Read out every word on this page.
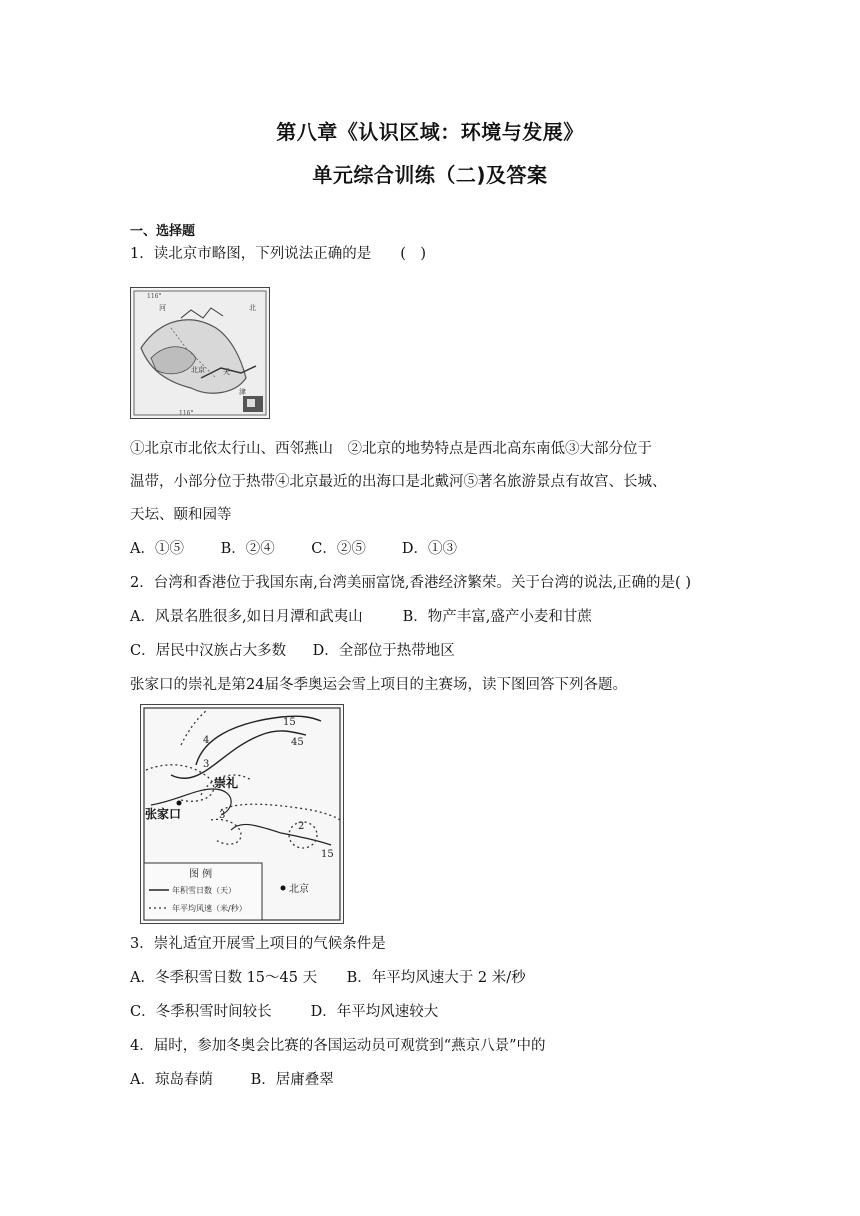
第八章《认识区域：环境与发展》
单元综合训练（二)及答案
一、选择题
1．读北京市略图，下列说法正确的是　　(　)
116°
116°
河	北
北京	天
津
①北京市北依太行山、西邻燕山　②北京的地势特点是西北高东南低③大部分位于
温带，小部分位于热带④北京最近的出海口是北戴河⑤著名旅游景点有故宫、长城、
天坛、颐和园等
A．①⑤	B．②④	C．②⑤ D．①③
2．台湾和香港位于我国东南,台湾美丽富饶,香港经济繁荣。关于台湾的说法,正确的是( )
A．风景名胜很多,如日月潭和武夷山	B．物产丰富,盛产小麦和甘蔗
C．居民中汉族占大多数 D．全部位于热带地区
张家口的崇礼是第24届冬季奥运会雪上项目的主赛场，读下图回答下列各题。
15
45
4
3
3
2
15
崇礼
张家口
图 例
年积雪日数（天）
年平均风速（米/秒）
北京
3．崇礼适宜开展雪上项目的气候条件是
A．冬季积雪日数 15～45 天 B．年平均风速大于 2 米/秒
C．冬季积雪时间较长	D．年平均风速较大
4．届时，参加冬奥会比赛的各国运动员可观赏到“燕京八景”中的
A．琼岛春荫	B．居庸叠翠
